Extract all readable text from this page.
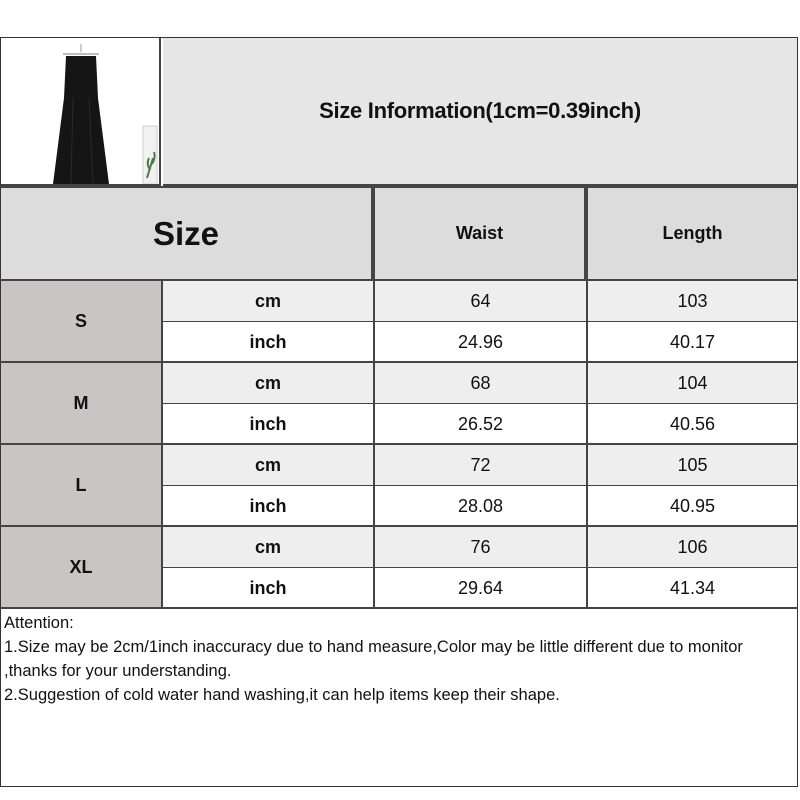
Size Information(1cm=0.39inch)
Size	Waist	Length
S
cm	64	103
inch	24.96	40.17
M
cm	68	104
inch	26.52	40.56
L
cm	72	105
inch	28.08	40.95
XL
cm	76	106
inch	29.64	41.34
Attention:
1.Size may be 2cm/1inch inaccuracy due to hand measure,Color may be little different due to monitor ,thanks for your understanding.
2.Suggestion of cold water hand washing,it can help items keep their shape.
